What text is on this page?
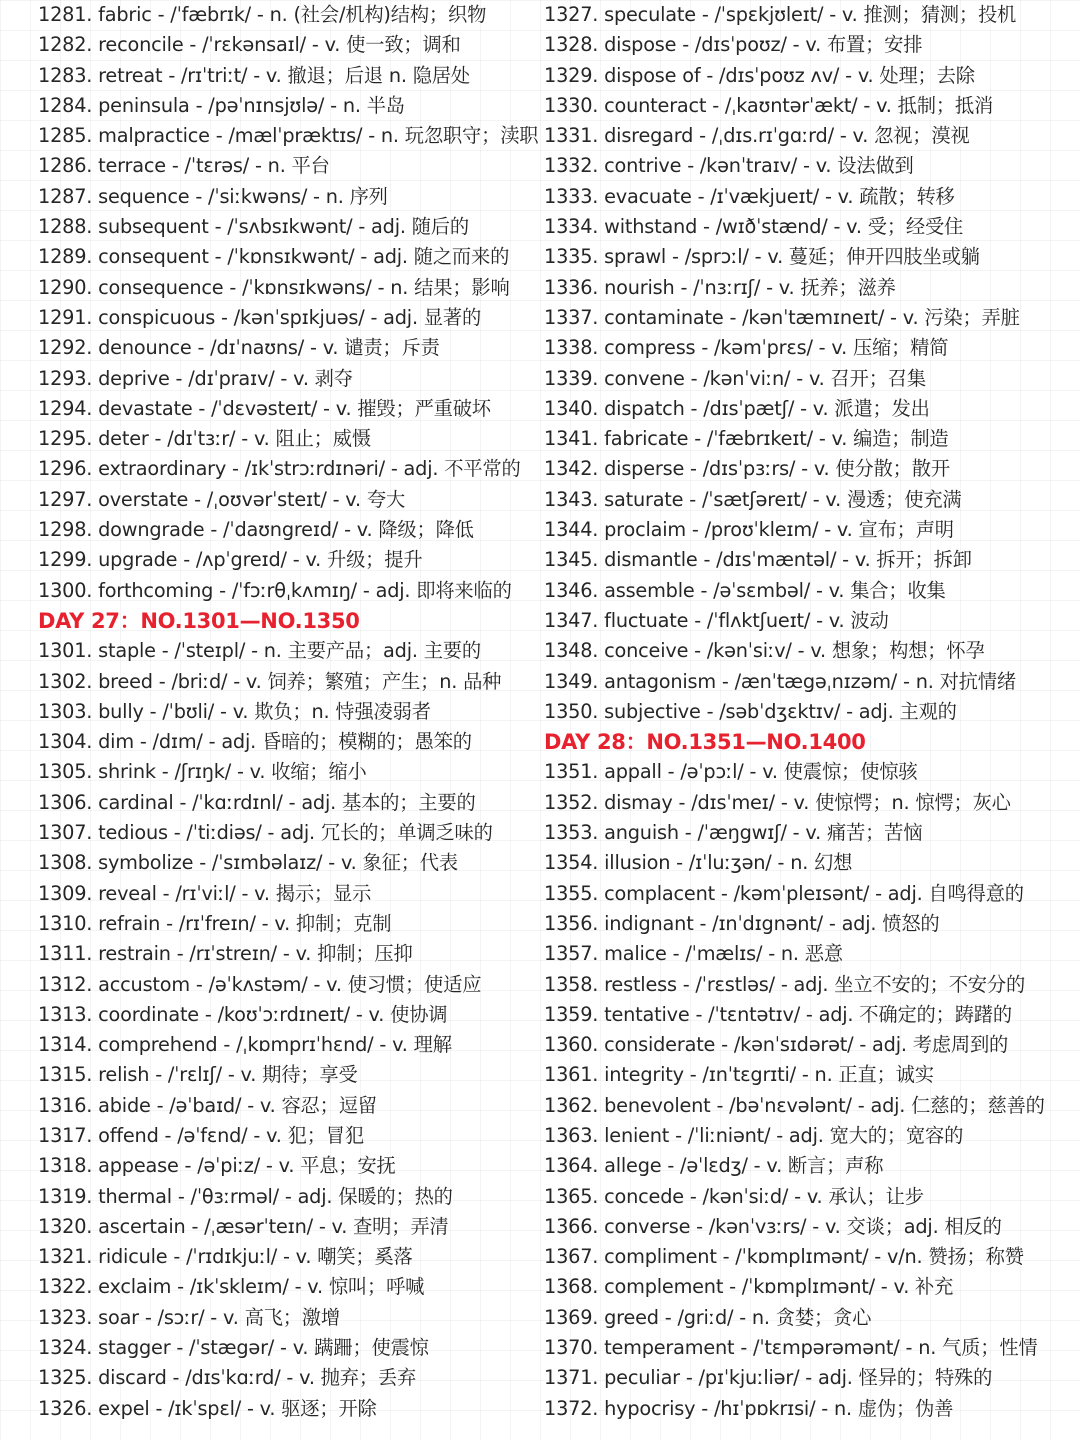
1281. fabric - /ˈfæbrɪk/ - n. (社会/机构)结构；织物
1282. reconcile - /ˈrɛkənsaɪl/ - v. 使一致；调和
1283. retreat - /rɪˈtriːt/ - v. 撤退；后退 n. 隐居处
1284. peninsula - /pəˈnɪnsjʊlə/ - n. 半岛
1285. malpractice - /mælˈpræktɪs/ - n. 玩忽职守；渎职
1286. terrace - /ˈtɛrəs/ - n. 平台
1287. sequence - /ˈsiːkwəns/ - n. 序列
1288. subsequent - /ˈsʌbsɪkwənt/ - adj. 随后的
1289. consequent - /ˈkɒnsɪkwənt/ - adj. 随之而来的
1290. consequence - /ˈkɒnsɪkwəns/ - n. 结果；影响
1291. conspicuous - /kənˈspɪkjuəs/ - adj. 显著的
1292. denounce - /dɪˈnaʊns/ - v. 谴责；斥责
1293. deprive - /dɪˈpraɪv/ - v. 剥夺
1294. devastate - /ˈdɛvəsteɪt/ - v. 摧毁；严重破坏
1295. deter - /dɪˈtɜːr/ - v. 阻止；威慑
1296. extraordinary - /ɪkˈstrɔːrdɪnəri/ - adj. 不平常的
1297. overstate - /ˌoʊvərˈsteɪt/ - v. 夸大
1298. downgrade - /ˈdaʊngreɪd/ - v. 降级；降低
1299. upgrade - /ʌpˈgreɪd/ - v. 升级；提升
1300. forthcoming - /ˈfɔːrθˌkʌmɪŋ/ - adj. 即将来临的
DAY 27：NO.1301—NO.1350
1301. staple - /ˈsteɪpl/ - n. 主要产品；adj. 主要的
1302. breed - /briːd/ - v. 饲养；繁殖；产生；n. 品种
1303. bully - /ˈbʊli/ - v. 欺负；n. 恃强凌弱者
1304. dim - /dɪm/ - adj. 昏暗的；模糊的；愚笨的
1305. shrink - /ʃrɪŋk/ - v. 收缩；缩小
1306. cardinal - /ˈkɑːrdɪnl/ - adj. 基本的；主要的
1307. tedious - /ˈtiːdiəs/ - adj. 冗长的；单调乏味的
1308. symbolize - /ˈsɪmbəlaɪz/ - v. 象征；代表
1309. reveal - /rɪˈviːl/ - v. 揭示；显示
1310. refrain - /rɪˈfreɪn/ - v. 抑制；克制
1311. restrain - /rɪˈstreɪn/ - v. 抑制；压抑
1312. accustom - /əˈkʌstəm/ - v. 使习惯；使适应
1313. coordinate - /koʊˈɔːrdɪneɪt/ - v. 使协调
1314. comprehend - /ˌkɒmprɪˈhɛnd/ - v. 理解
1315. relish - /ˈrɛlɪʃ/ - v. 期待；享受
1316. abide - /əˈbaɪd/ - v. 容忍；逗留
1317. offend - /əˈfɛnd/ - v. 犯；冒犯
1318. appease - /əˈpiːz/ - v. 平息；安抚
1319. thermal - /ˈθɜːrməl/ - adj. 保暖的；热的
1320. ascertain - /ˌæsərˈteɪn/ - v. 查明；弄清
1321. ridicule - /ˈrɪdɪkjuːl/ - v. 嘲笑；奚落
1322. exclaim - /ɪkˈskleɪm/ - v. 惊叫；呼喊
1323. soar - /sɔːr/ - v. 高飞；激增
1324. stagger - /ˈstægər/ - v. 蹒跚；使震惊
1325. discard - /dɪsˈkɑːrd/ - v. 抛弃；丢弃
1326. expel - /ɪkˈspɛl/ - v. 驱逐；开除
1327. speculate - /ˈspɛkjʊleɪt/ - v. 推测；猜测；投机
1328. dispose - /dɪsˈpoʊz/ - v. 布置；安排
1329. dispose of - /dɪsˈpoʊz ʌv/ - v. 处理；去除
1330. counteract - /ˌkaʊntərˈækt/ - v. 抵制；抵消
1331. disregard - /ˌdɪs.rɪˈgɑːrd/ - v. 忽视；漠视
1332. contrive - /kənˈtraɪv/ - v. 设法做到
1333. evacuate - /ɪˈvækjueɪt/ - v. 疏散；转移
1334. withstand - /wɪðˈstænd/ - v. 受；经受住
1335. sprawl - /sprɔːl/ - v. 蔓延；伸开四肢坐或躺
1336. nourish - /ˈnɜːrɪʃ/ - v. 抚养；滋养
1337. contaminate - /kənˈtæmɪneɪt/ - v. 污染；弄脏
1338. compress - /kəmˈprɛs/ - v. 压缩；精简
1339. convene - /kənˈviːn/ - v. 召开；召集
1340. dispatch - /dɪsˈpætʃ/ - v. 派遣；发出
1341. fabricate - /ˈfæbrɪkeɪt/ - v. 编造；制造
1342. disperse - /dɪsˈpɜːrs/ - v. 使分散；散开
1343. saturate - /ˈsætʃəreɪt/ - v. 漫透；使充满
1344. proclaim - /proʊˈkleɪm/ - v. 宣布；声明
1345. dismantle - /dɪsˈmæntəl/ - v. 拆开；拆卸
1346. assemble - /əˈsɛmbəl/ - v. 集合；收集
1347. fluctuate - /ˈflʌktʃueɪt/ - v. 波动
1348. conceive - /kənˈsiːv/ - v. 想象；构想；怀孕
1349. antagonism - /ænˈtægəˌnɪzəm/ - n. 对抗情绪
1350. subjective - /səbˈdʒɛktɪv/ - adj. 主观的
DAY 28：NO.1351—NO.1400
1351. appall - /əˈpɔːl/ - v. 使震惊；使惊骇
1352. dismay - /dɪsˈmeɪ/ - v. 使惊愕；n. 惊愕；灰心
1353. anguish - /ˈæŋgwɪʃ/ - v. 痛苦；苦恼
1354. illusion - /ɪˈluːʒən/ - n. 幻想
1355. complacent - /kəmˈpleɪsənt/ - adj. 自鸣得意的
1356. indignant - /ɪnˈdɪgnənt/ - adj. 愤怒的
1357. malice - /ˈmælɪs/ - n. 恶意
1358. restless - /ˈrɛstləs/ - adj. 坐立不安的；不安分的
1359. tentative - /ˈtɛntətɪv/ - adj. 不确定的；踌躇的
1360. considerate - /kənˈsɪdərət/ - adj. 考虑周到的
1361. integrity - /ɪnˈtɛgrɪti/ - n. 正直；诚实
1362. benevolent - /bəˈnɛvələnt/ - adj. 仁慈的；慈善的
1363. lenient - /ˈliːniənt/ - adj. 宽大的；宽容的
1364. allege - /əˈlɛdʒ/ - v. 断言；声称
1365. concede - /kənˈsiːd/ - v. 承认；让步
1366. converse - /kənˈvɜːrs/ - v. 交谈；adj. 相反的
1367. compliment - /ˈkɒmplɪmənt/ - v/n. 赞扬；称赞
1368. complement - /ˈkɒmplɪmənt/ - v. 补充
1369. greed - /griːd/ - n. 贪婪；贪心
1370. temperament - /ˈtɛmpərəmənt/ - n. 气质；性情
1371. peculiar - /pɪˈkjuːliər/ - adj. 怪异的；特殊的
1372. hypocrisy - /hɪˈpɒkrɪsi/ - n. 虚伪；伪善
